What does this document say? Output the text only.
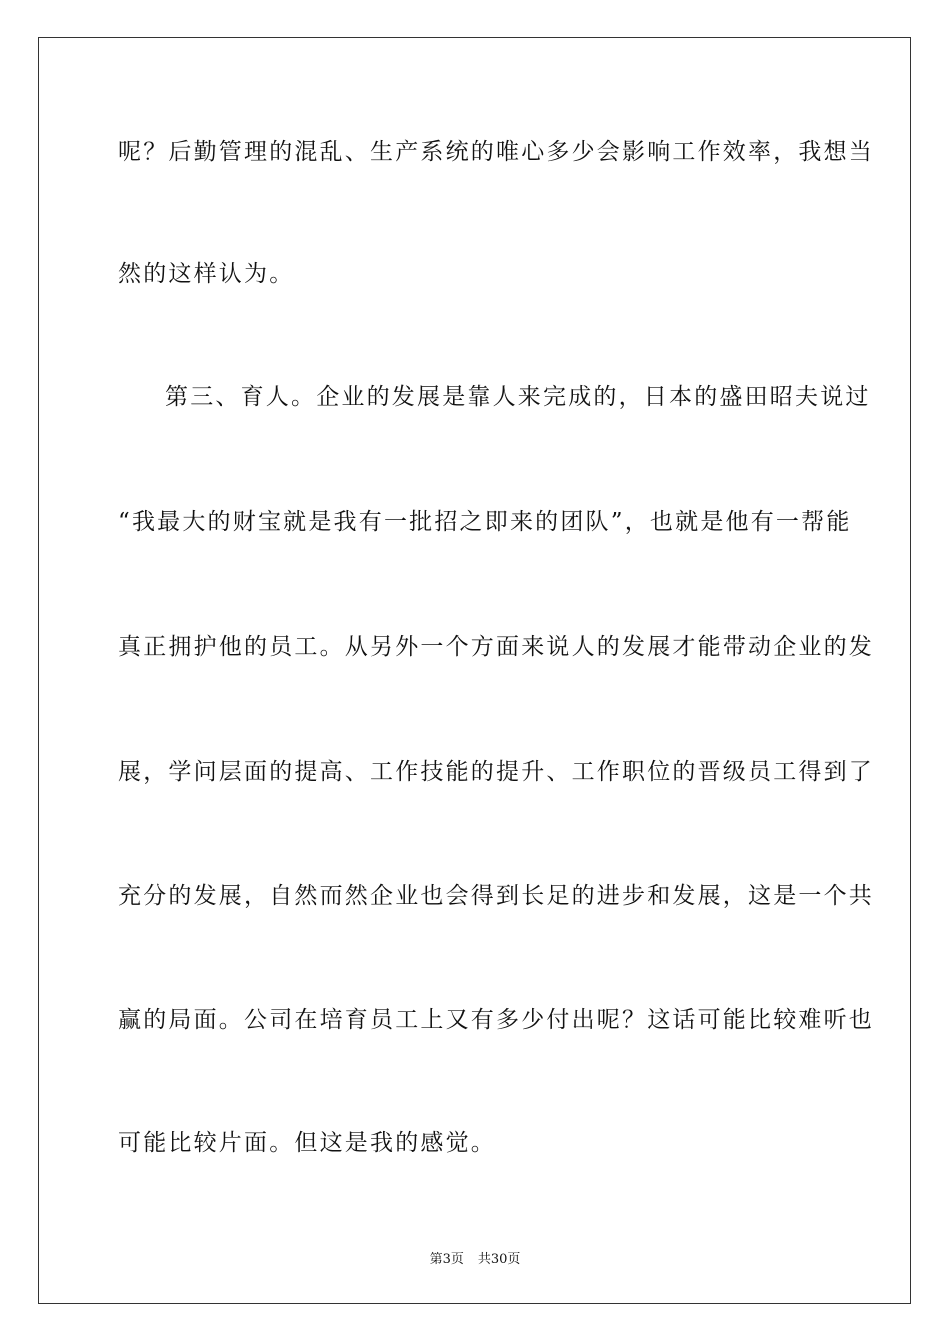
呢？后勤管理的混乱、生产系统的唯心多少会影响工作效率，我想当
然的这样认为。
第三、育人。企业的发展是靠人来完成的，日本的盛田昭夫说过
“我最大的财宝就是我有一批招之即来的团队”，也就是他有一帮能
真正拥护他的员工。从另外一个方面来说人的发展才能带动企业的发
展，学问层面的提高、工作技能的提升、工作职位的晋级员工得到了
充分的发展，自然而然企业也会得到长足的进步和发展，这是一个共
赢的局面。公司在培育员工上又有多少付出呢？这话可能比较难听也
可能比较片面。但这是我的感觉。
第3页 共30页
